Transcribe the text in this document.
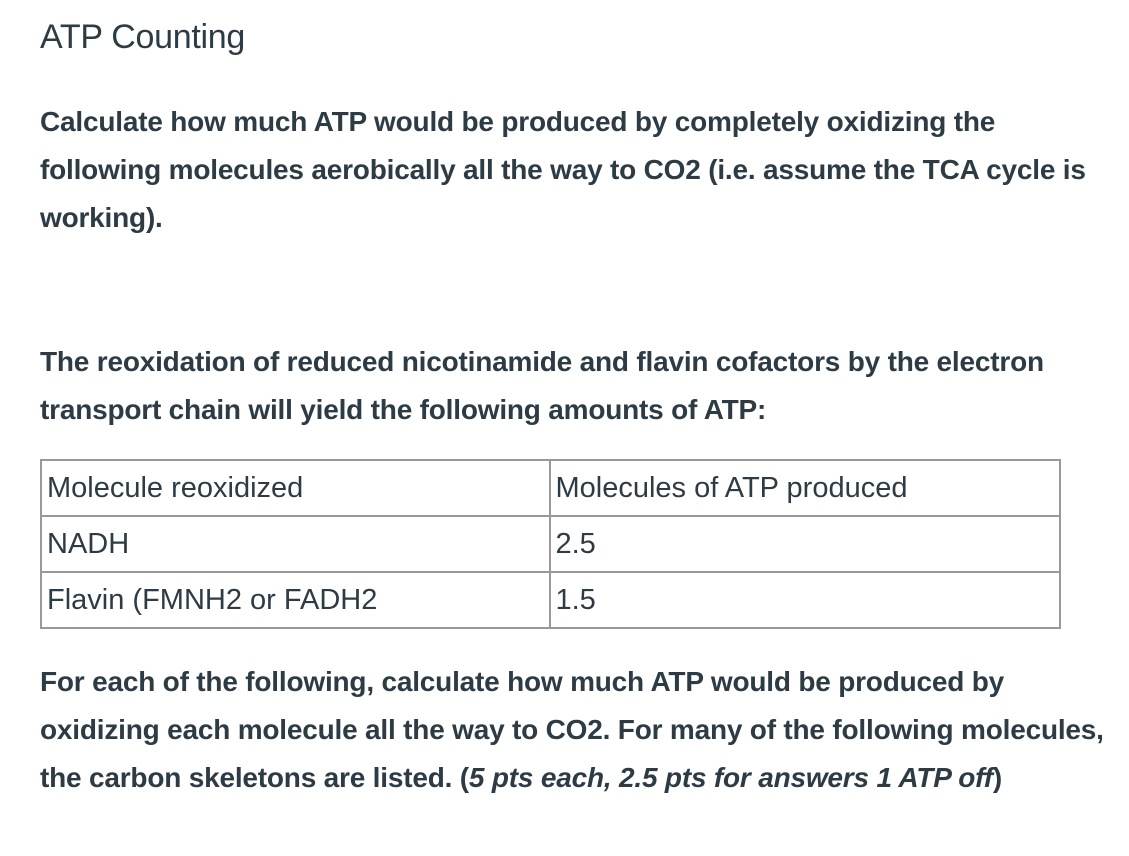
ATP Counting

Calculate how much ATP would be produced by completely oxidizing the following molecules aerobically all the way to CO2 (i.e. assume the TCA cycle is working).

The reoxidation of reduced nicotinamide and flavin cofactors by the electron transport chain will yield the following amounts of ATP:

Molecule reoxidized	Molecules of ATP produced
NADH	2.5
Flavin (FMNH2 or FADH2	1.5

For each of the following, calculate how much ATP would be produced by oxidizing each molecule all the way to CO2. For many of the following molecules, the carbon skeletons are listed. (5 pts each, 2.5 pts for answers 1 ATP off)
